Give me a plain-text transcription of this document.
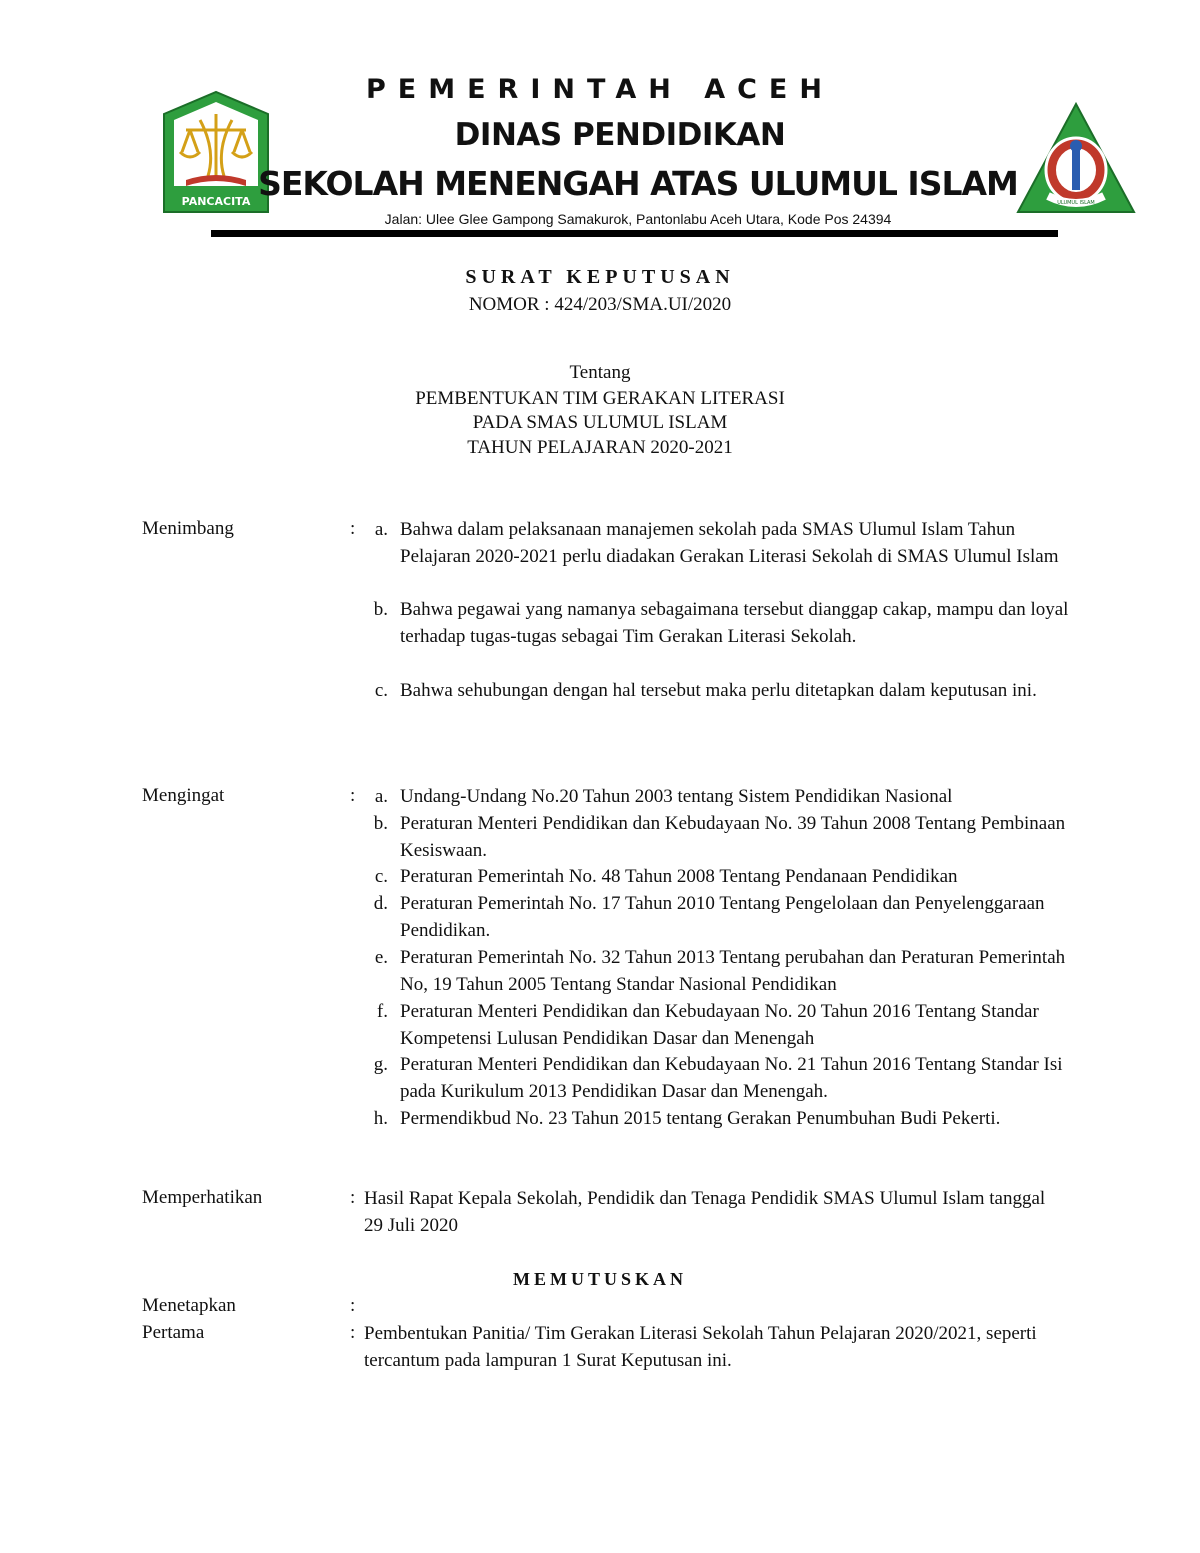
PANCACITA
PEMERINTAH ACEH
DINAS PENDIDIKAN
SEKOLAH MENENGAH ATAS ULUMUL ISLAM
Jalan: Ulee Glee Gampong Samakurok, Pantonlabu Aceh Utara, Kode Pos 24394
ULUMUL ISLAM
SURAT KEPUTUSAN
NOMOR : 424/203/SMA.UI/2020
Tentang
PEMBENTUKAN TIM GERAKAN LITERASI
PADA SMAS ULUMUL ISLAM
TAHUN PELAJARAN 2020-2021
Menimbang	:	a. Bahwa dalam pelaksanaan manajemen sekolah pada SMAS Ulumul Islam Tahun Pelajaran 2020-2021 perlu diadakan Gerakan Literasi Sekolah di SMAS Ulumul Islam
b. Bahwa pegawai yang namanya sebagaimana tersebut dianggap cakap, mampu dan loyal terhadap tugas-tugas sebagai Tim Gerakan Literasi Sekolah.
c. Bahwa sehubungan dengan hal tersebut maka perlu ditetapkan dalam keputusan ini.
Mengingat	:	a. Undang-Undang No.20 Tahun 2003 tentang Sistem Pendidikan Nasional
b. Peraturan Menteri Pendidikan dan Kebudayaan No. 39 Tahun 2008 Tentang Pembinaan Kesiswaan.
c. Peraturan Pemerintah No. 48 Tahun 2008 Tentang Pendanaan Pendidikan
d. Peraturan Pemerintah No. 17 Tahun 2010 Tentang Pengelolaan dan Penyelenggaraan Pendidikan.
e. Peraturan Pemerintah No. 32 Tahun 2013 Tentang perubahan dan Peraturan Pemerintah No, 19 Tahun 2005 Tentang Standar Nasional Pendidikan
f. Peraturan Menteri Pendidikan dan Kebudayaan No. 20 Tahun 2016 Tentang Standar Kompetensi Lulusan Pendidikan Dasar dan Menengah
g. Peraturan Menteri Pendidikan dan Kebudayaan No. 21 Tahun 2016 Tentang Standar Isi pada Kurikulum 2013 Pendidikan Dasar dan Menengah.
h. Permendikbud No. 23 Tahun 2015 tentang Gerakan Penumbuhan Budi Pekerti.
Memperhatikan	: Hasil Rapat Kepala Sekolah, Pendidik dan Tenaga Pendidik SMAS Ulumul Islam tanggal 29 Juli 2020
MEMUTUSKAN
Menetapkan	:
Pertama	: Pembentukan Panitia/ Tim Gerakan Literasi Sekolah Tahun Pelajaran 2020/2021, seperti tercantum pada lampuran 1 Surat Keputusan ini.
